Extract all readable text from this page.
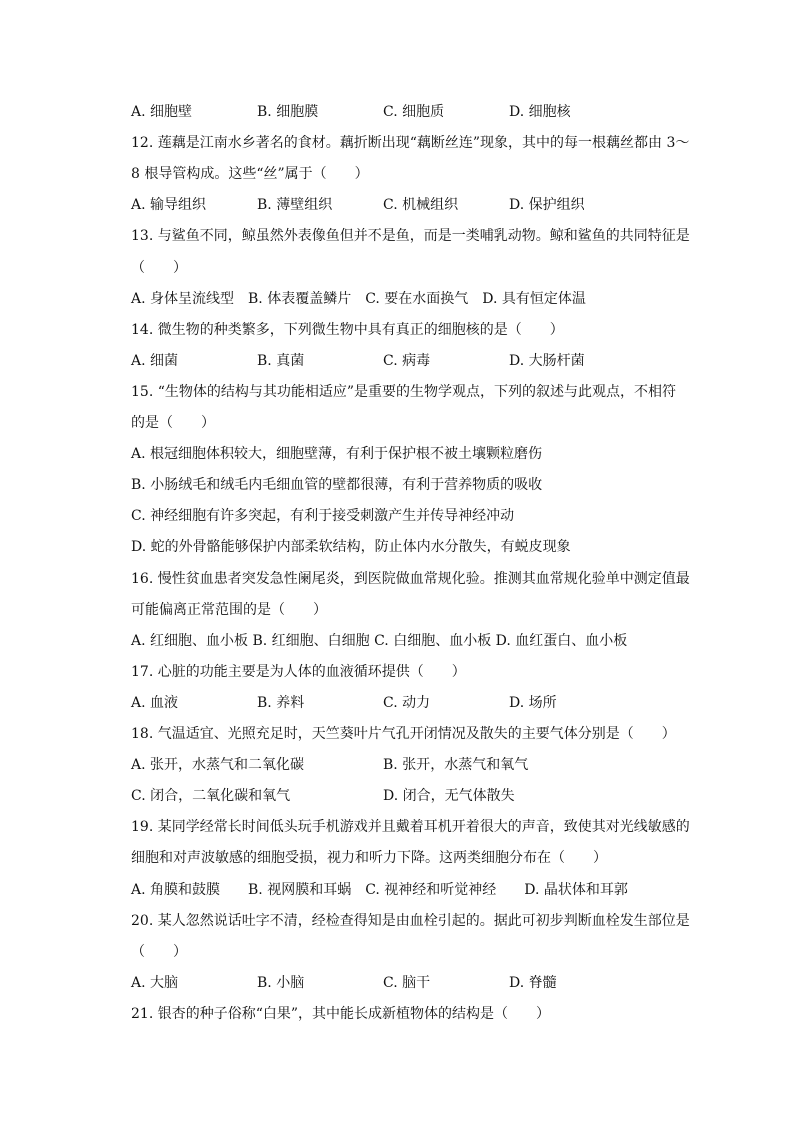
A. 细胞壁	B. 细胞膜	C. 细胞质	D. 细胞核
12. 莲藕是江南水乡著名的食材。藕折断出现“藕断丝连”现象，其中的每一根藕丝都由 3～
8 根导管构成。这些“丝”属于（　　）
A. 输导组织	B. 薄壁组织	C. 机械组织	D. 保护组织
13. 与鲨鱼不同，鲸虽然外表像鱼但并不是鱼，而是一类哺乳动物。鲸和鲨鱼的共同特征是
（　　）
A. 身体呈流线型　B. 体表覆盖鳞片　C. 要在水面换气　D. 具有恒定体温
14. 微生物的种类繁多，下列微生物中具有真正的细胞核的是（　　）
A. 细菌	B. 真菌	C. 病毒	D. 大肠杆菌
15. “生物体的结构与其功能相适应”是重要的生物学观点，下列的叙述与此观点，不相符
的是（　　）
A. 根冠细胞体积较大，细胞壁薄，有利于保护根不被土壤颗粒磨伤
B. 小肠绒毛和绒毛内毛细血管的壁都很薄，有利于营养物质的吸收
C. 神经细胞有许多突起，有利于接受刺激产生并传导神经冲动
D. 蛇的外骨骼能够保护内部柔软结构，防止体内水分散失，有蜕皮现象
16. 慢性贫血患者突发急性阑尾炎，到医院做血常规化验。推测其血常规化验单中测定值最
可能偏离正常范围的是（　　）
A. 红细胞、血小板 B. 红细胞、白细胞 C. 白细胞、血小板 D. 血红蛋白、血小板
17. 心脏的功能主要是为人体的血液循环提供（　　）
A. 血液	B. 养料	C. 动力	D. 场所
18. 气温适宜、光照充足时，天竺葵叶片气孔开闭情况及散失的主要气体分别是（　　）
A. 张开，水蒸气和二氧化碳	B. 张开，水蒸气和氧气
C. 闭合，二氧化碳和氧气	D. 闭合，无气体散失
19. 某同学经常长时间低头玩手机游戏并且戴着耳机开着很大的声音，致使其对光线敏感的
细胞和对声波敏感的细胞受损，视力和听力下降。这两类细胞分布在（　　）
A. 角膜和鼓膜　　B. 视网膜和耳蜗　C. 视神经和听觉神经　　D. 晶状体和耳郭
20. 某人忽然说话吐字不清，经检查得知是由血栓引起的。据此可初步判断血栓发生部位是
（　　）
A. 大脑	B. 小脑	C. 脑干	D. 脊髓
21. 银杏的种子俗称“白果”，其中能长成新植物体的结构是（　　）
